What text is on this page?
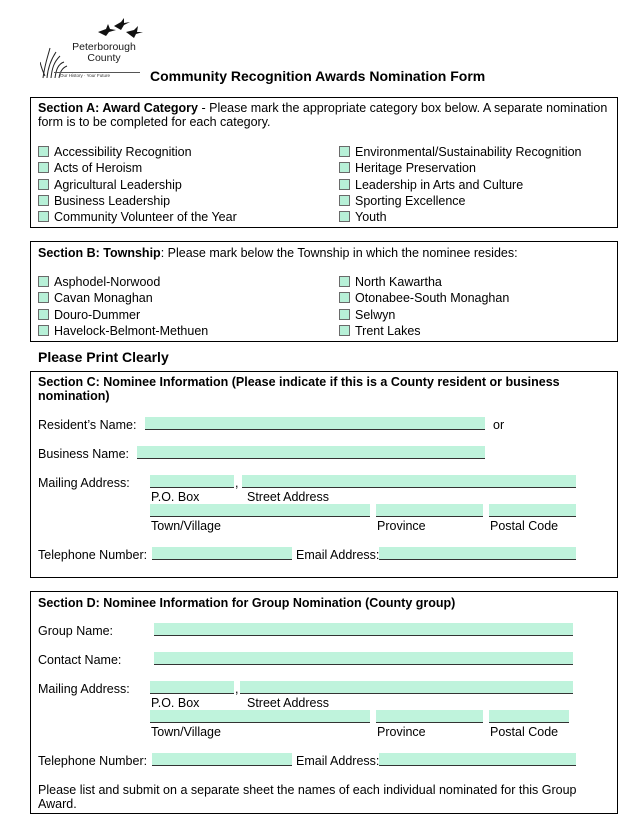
Peterborough
County
Our History · Your Future	Community Recognition Awards Nomination Form
Section A: Award Category - Please mark the appropriate category box below. A separate nomination form is to be completed for each category.
Accessibility Recognition
Acts of Heroism
Agricultural Leadership
Business Leadership
Community Volunteer of the Year
Environmental/Sustainability Recognition
Heritage Preservation
Leadership in Arts and Culture
Sporting Excellence
Youth
Section B: Township: Please mark below the Township in which the nominee resides:
Asphodel-Norwood
Cavan Monaghan
Douro-Dummer
Havelock-Belmont-Methuen
North Kawartha
Otonabee-South Monaghan
Selwyn
Trent Lakes
Please Print Clearly
Section C: Nominee Information (Please indicate if this is a County resident or business nomination)
Resident’s Name:	or
Business Name:
Mailing Address:	,
P.O. Box	Street Address
Town/Village	Province	Postal Code
Telephone Number:	Email Address:
Section D: Nominee Information for Group Nomination (County group)
Group Name:
Contact Name:
Mailing Address:	,
P.O. Box	Street Address
Town/Village	Province	Postal Code
Telephone Number:	Email Address:
Please list and submit on a separate sheet the names of each individual nominated for this Group Award.
